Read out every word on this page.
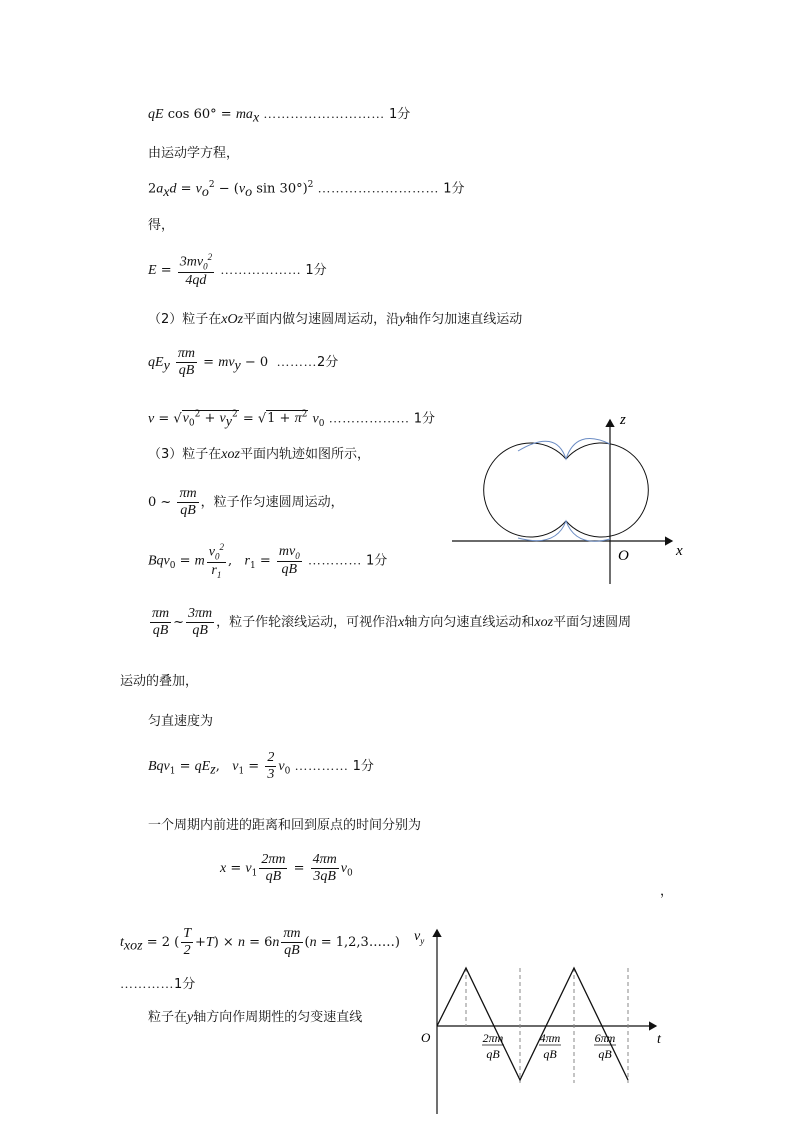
qE $\cos 60^\circ = ma_x$ ……………………… 1分
由运动学方程，
$2a_xd = v_o^2 - (v_o$ sin 30°)$^2$ ……………………… 1分
得，
$E = \frac{3mv_0^2}{4qd}$ ……………… 1分
（2）粒子在xOz平面内做匀速圆周运动，沿y轴作匀加速直线运动
$qE_y \frac{\pi m}{qB} = mv_y - 0$  ………2分
$v = √v_0^2 + v_y^2 = √1 + \pi^2$ $v_0$ ……………… 1分
（3）粒子在xoz平面内轨迹如图所示，
0 ~ $\frac{\pi m}{qB}$ ，粒子作匀速圆周运动，
Bqv$_0$ = m $\frac{v_0^2}{r_1}$ ,   $r_1 = \frac{mv_0}{qB}$ ………… 1分
$\frac{\pi m}{qB}$ ~ $\frac{3\pi m}{qB}$ ，粒子作轮滚线运动，可视作沿x轴方向匀速直线运动和xoz平面匀速圆周
运动的叠加，
匀直速度为
$Bqv_1 = qE_z$,   $v_1 = \frac{2}{3} v_0$ ………… 1分
一个周期内前进的距离和回到原点的时间分别为
$x = v_1 \frac{2\pi m}{qB} = \frac{4\pi m}{3qB} v_0$
，
$t_{xoz} = 2$ ( $\frac{T}{2} +T) \times n = 6n \frac{\pi m}{qB} (n$ = 1,2,3……)
…………1分
粒子在y轴方向作周期性的匀变速直线
z
x
O
O
$v_y$
t
2πm
qB
4πm
qB
6πm
qB
